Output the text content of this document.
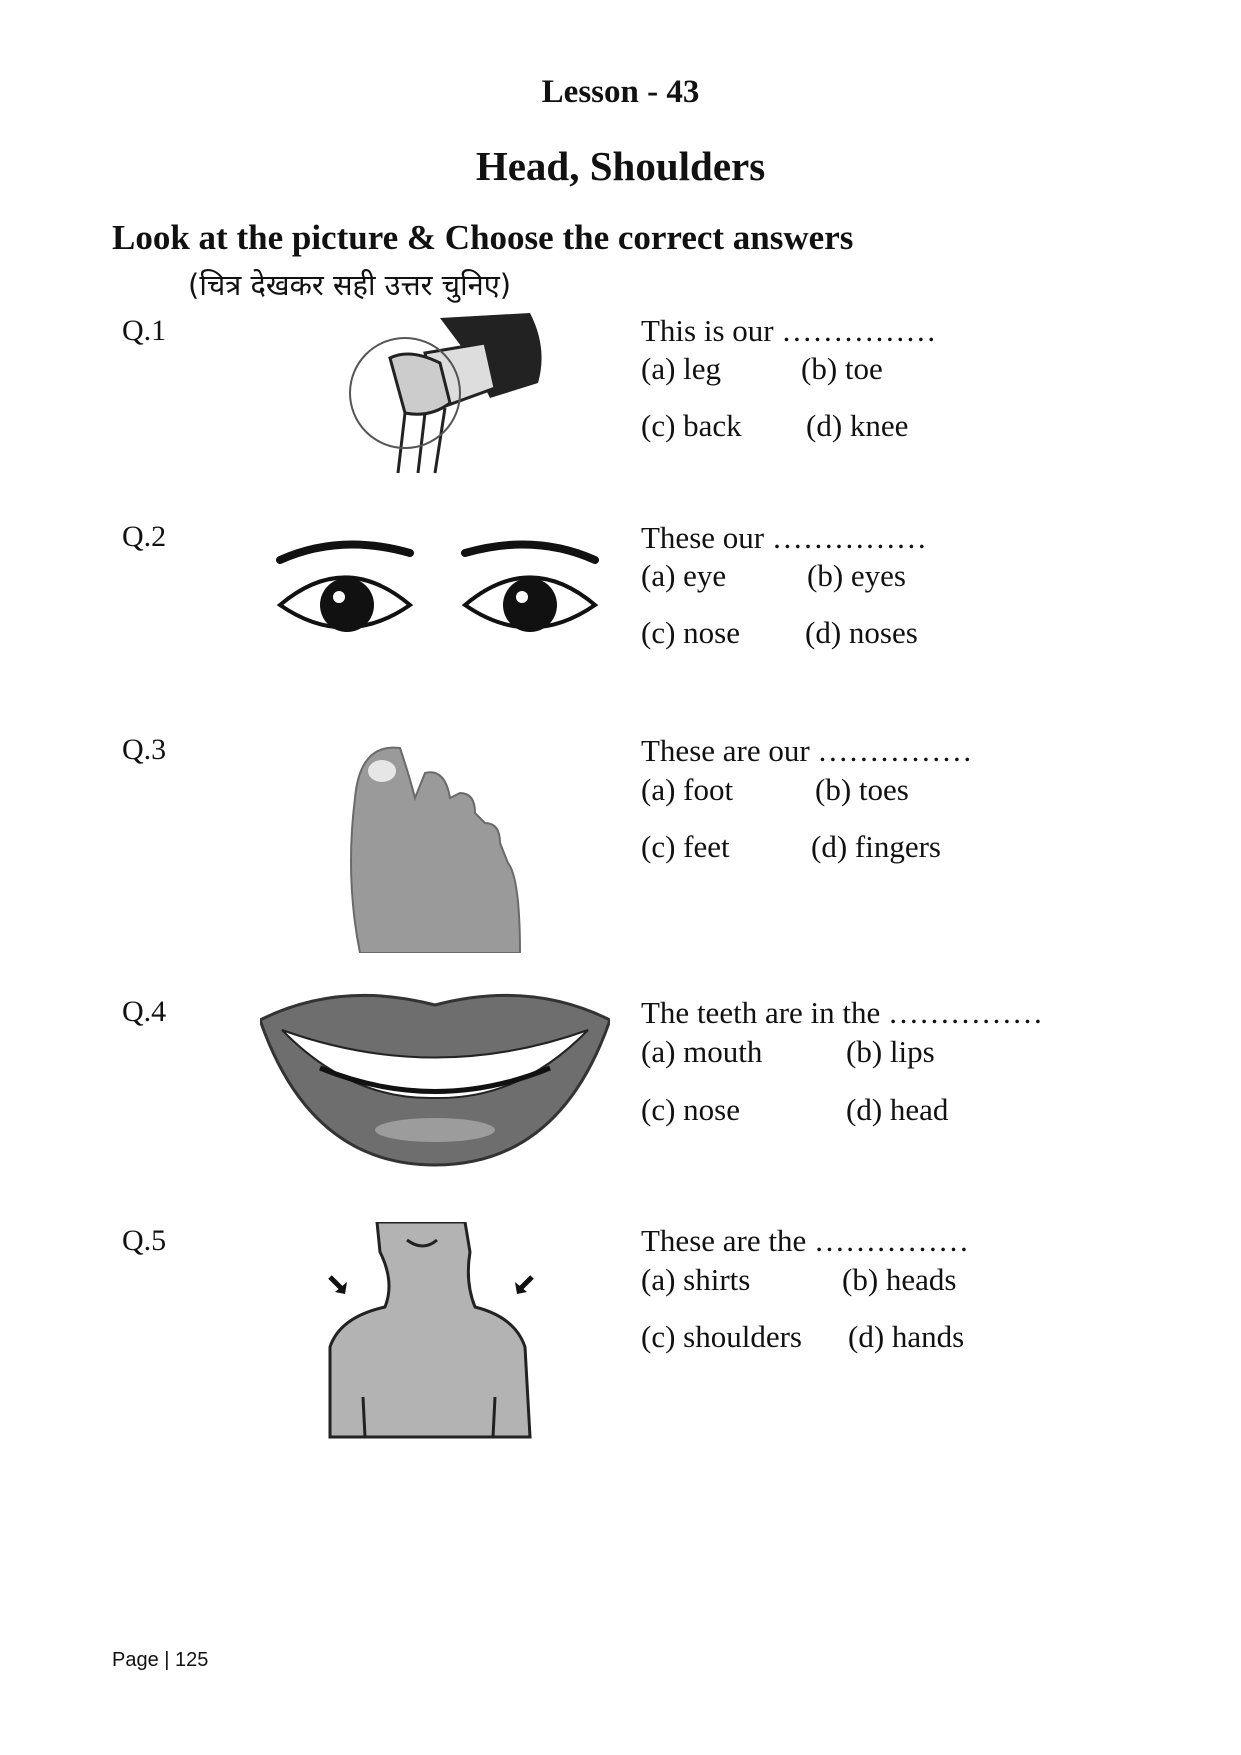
Lesson - 43
Head, Shoulders
Look at the picture & Choose the correct answers
(चित्र देखकर सही उत्तर चुनिए)
Q.1	This is our ……………
(a) leg	(b) toe
(c) back (d) knee
Q.2	These our ……………
(a) eye	(b) eyes
(c) nose (d) noses
Q.3	These are our ……………
(a) foot	(b) toes
(c) feet	(d) fingers
Q.4	The teeth are in the ……………
(a) mouth	(b) lips
(c) nose	(d) head
Q.5	These are the ……………
(a) shirts	(b) heads
(c) shoulders (d) hands
Page | 125
